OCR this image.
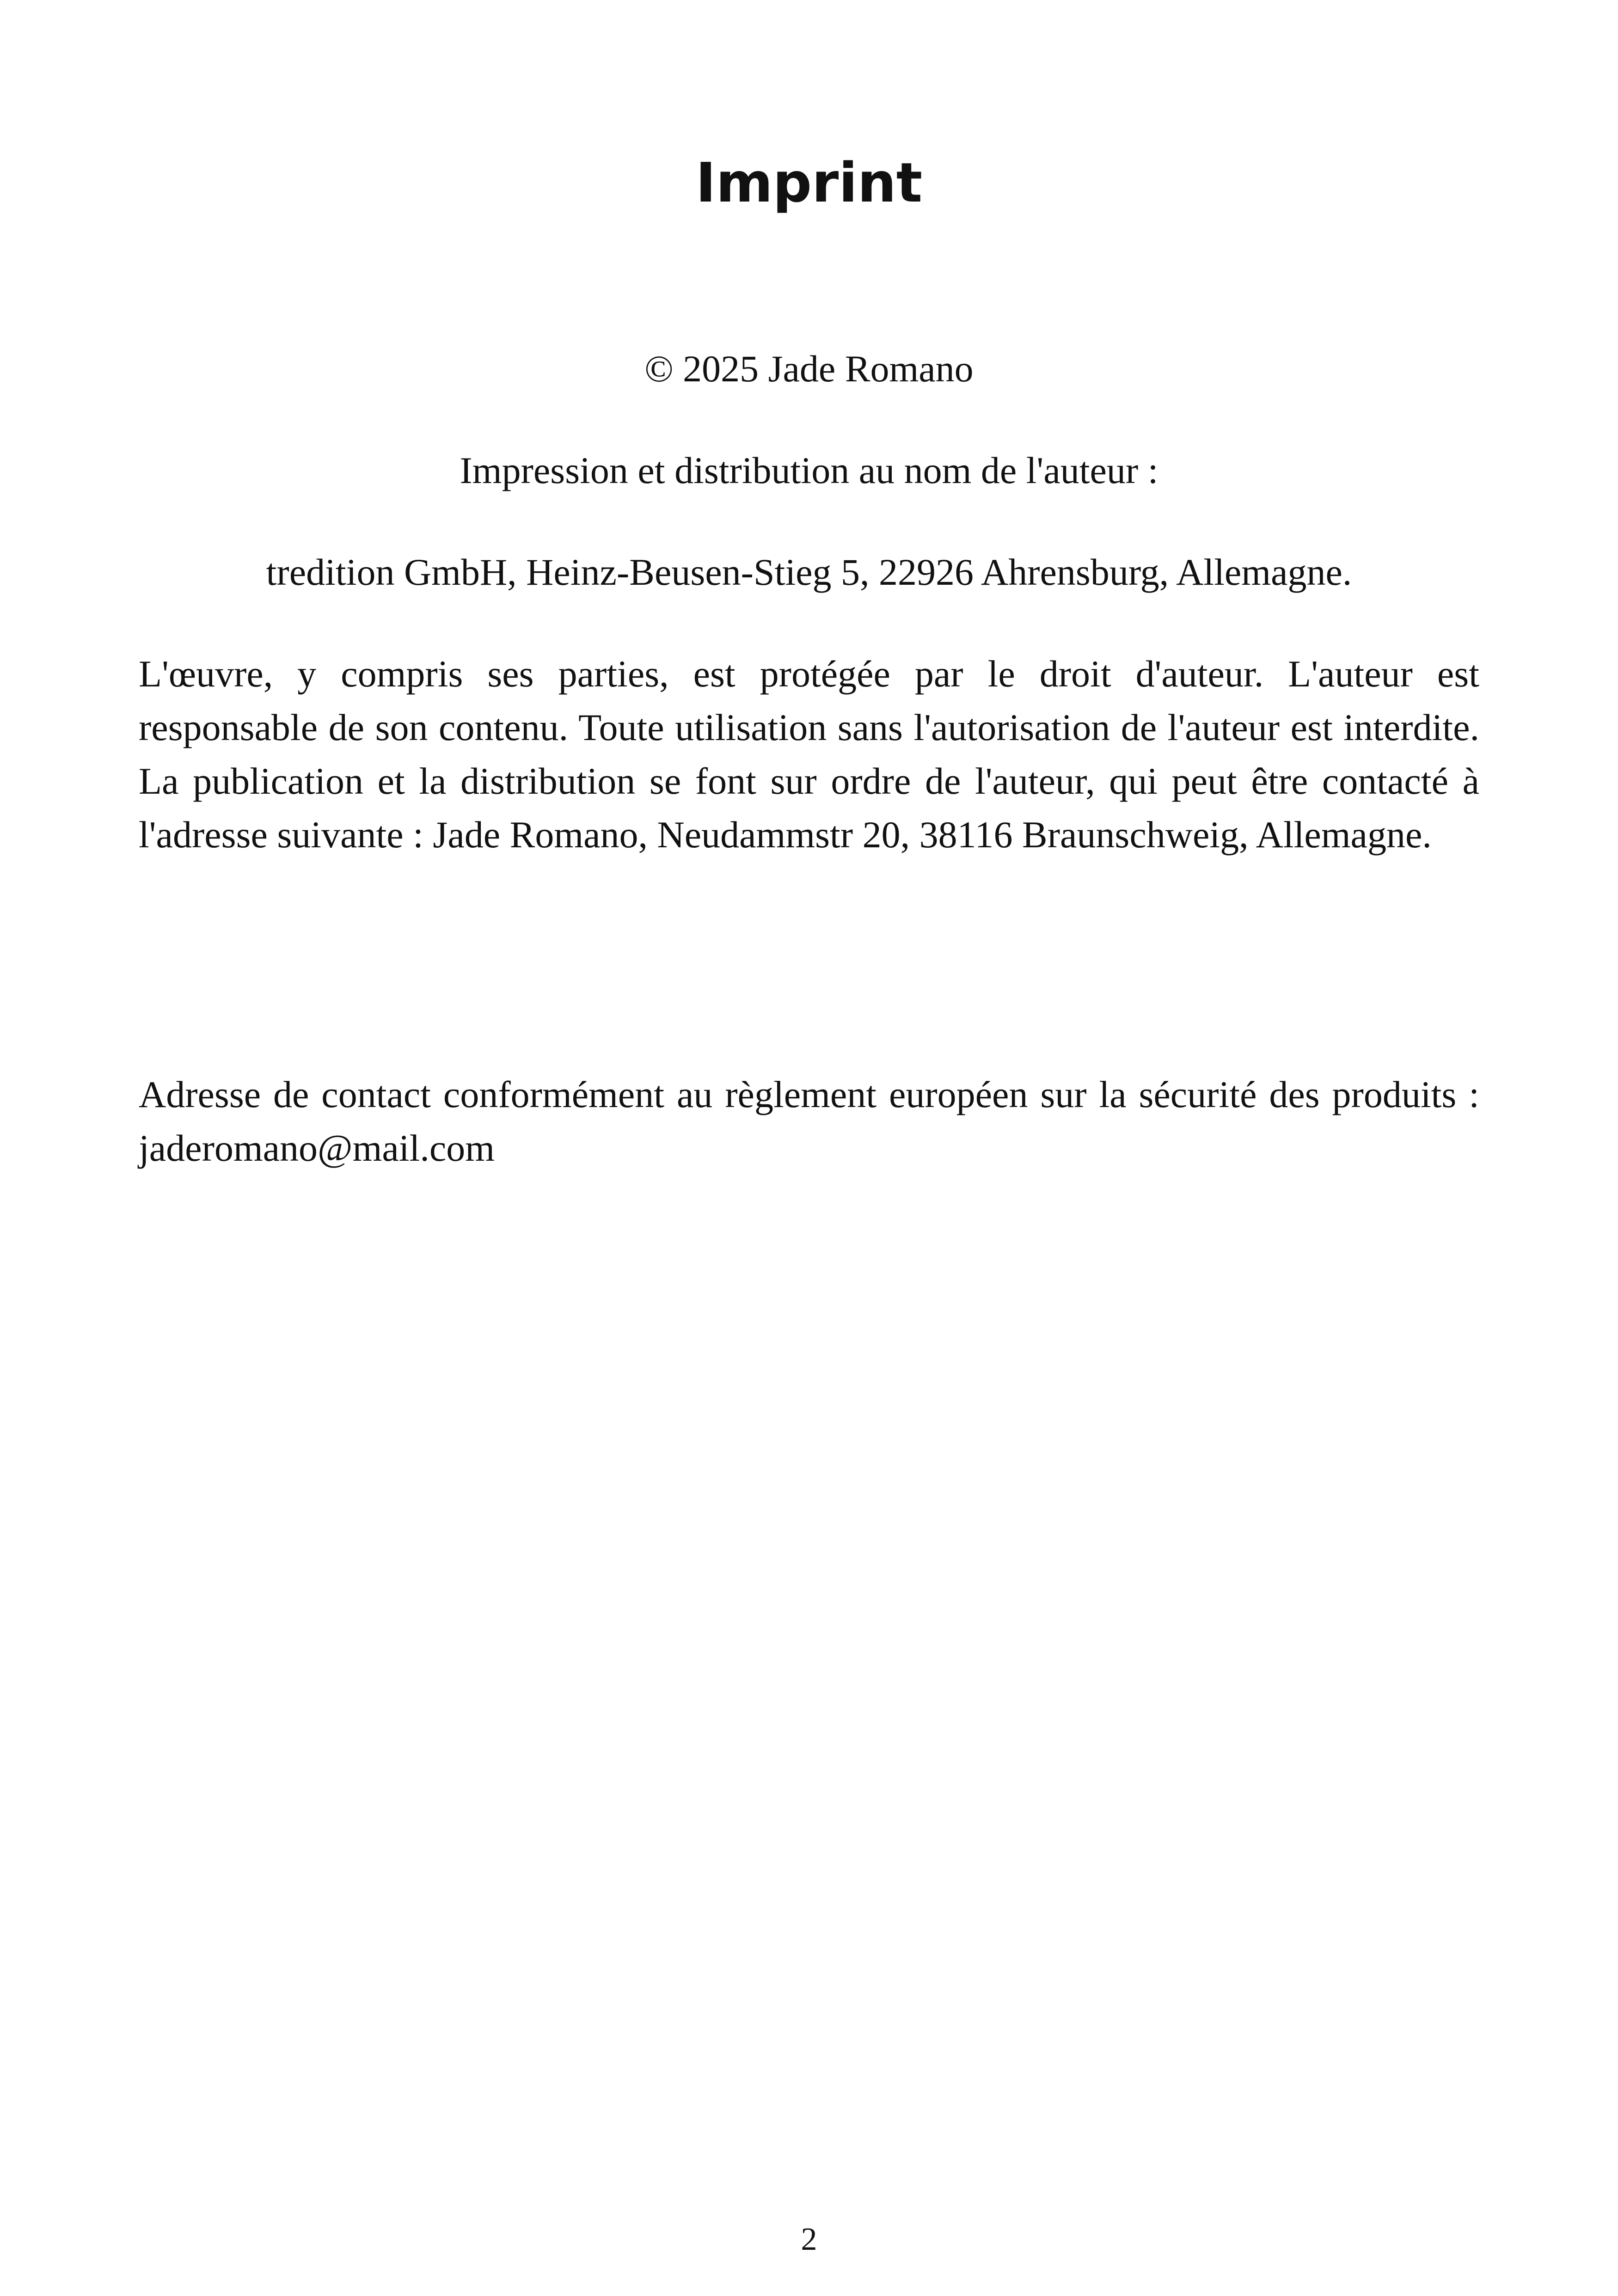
Imprint

© 2025 Jade Romano

Impression et distribution au nom de l'auteur :

tredition GmbH, Heinz-Beusen-Stieg 5, 22926 Ahrensburg, Allemagne.

L'œuvre, y compris ses parties, est protégée par le droit d'auteur. L'auteur est responsable de son contenu. Toute utilisation sans l'autorisation de l'auteur est interdite. La publication et la distribution se font sur ordre de l'auteur, qui peut être contacté à l'adresse suivante : Jade Romano, Neudammstr 20, 38116 Braunschweig, Allemagne.

Adresse de contact conformément au règlement européen sur la sécurité des produits : jaderomano@mail.com

2
